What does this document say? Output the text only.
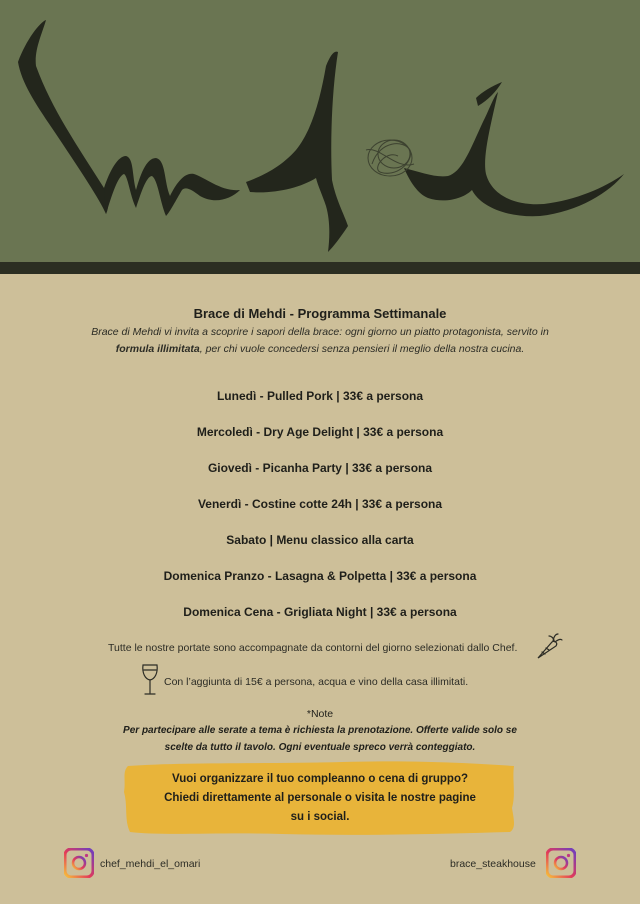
Brace di Mehdi - Programma Settimanale
Brace di Mehdi vi invita a scoprire i sapori della brace: ogni giorno un piatto protagonista, servito in formula illimitata, per chi vuole concedersi senza pensieri il meglio della nostra cucina.
Lunedì - Pulled Pork | 33€ a persona
Mercoledì - Dry Age Delight | 33€ a persona
Giovedì - Picanha Party | 33€ a persona
Venerdì - Costine cotte 24h | 33€ a persona
Sabato | Menu classico alla carta
Domenica Pranzo - Lasagna & Polpetta | 33€ a persona
Domenica Cena - Grigliata Night | 33€ a persona
Tutte le nostre portate sono accompagnate da contorni del giorno selezionati dallo Chef.
Con l’aggiunta di 15€ a persona, acqua e vino della casa illimitati.
*Note
Per partecipare alle serate a tema è richiesta la prenotazione. Offerte valide solo se scelte da tutto il tavolo. Ogni eventuale spreco verrà conteggiato.
Vuoi organizzare il tuo compleanno o cena di gruppo?
Chiedi direttamente al personale o visita le nostre pagine
su i social.
chef_mehdi_el_omari	brace_steakhouse
